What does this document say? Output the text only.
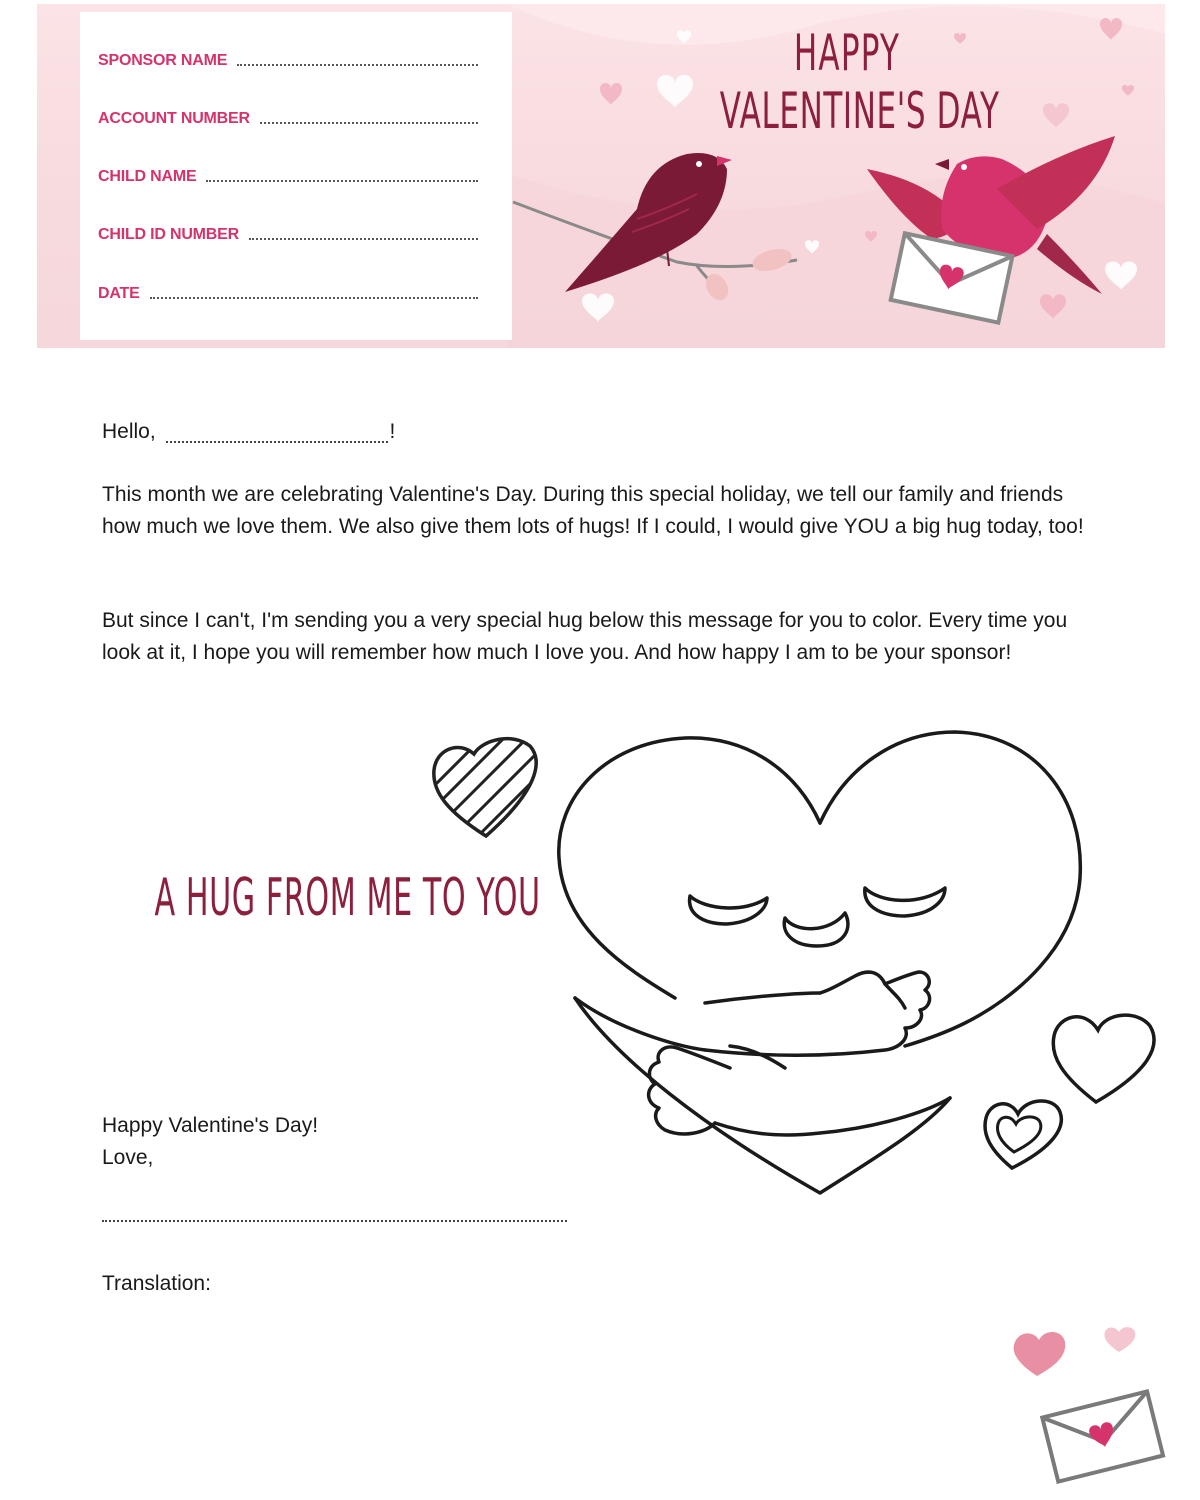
HAPPY
VALENTINE'S DAY
SPONSOR NAME
ACCOUNT NUMBER
CHILD NAME
CHILD ID NUMBER
DATE
Hello,	!
This month we are celebrating Valentine's Day. During this special holiday, we tell our family and friends how much we love them. We also give them lots of hugs! If I could, I would give YOU a big hug today, too!
But since I can't, I'm sending you a very special hug below this message for you to color. Every time you look at it, I hope you will remember how much I love you. And how happy I am to be your sponsor!
A HUG FROM ME TO YOU
Happy Valentine's Day!
Love,
Translation:
